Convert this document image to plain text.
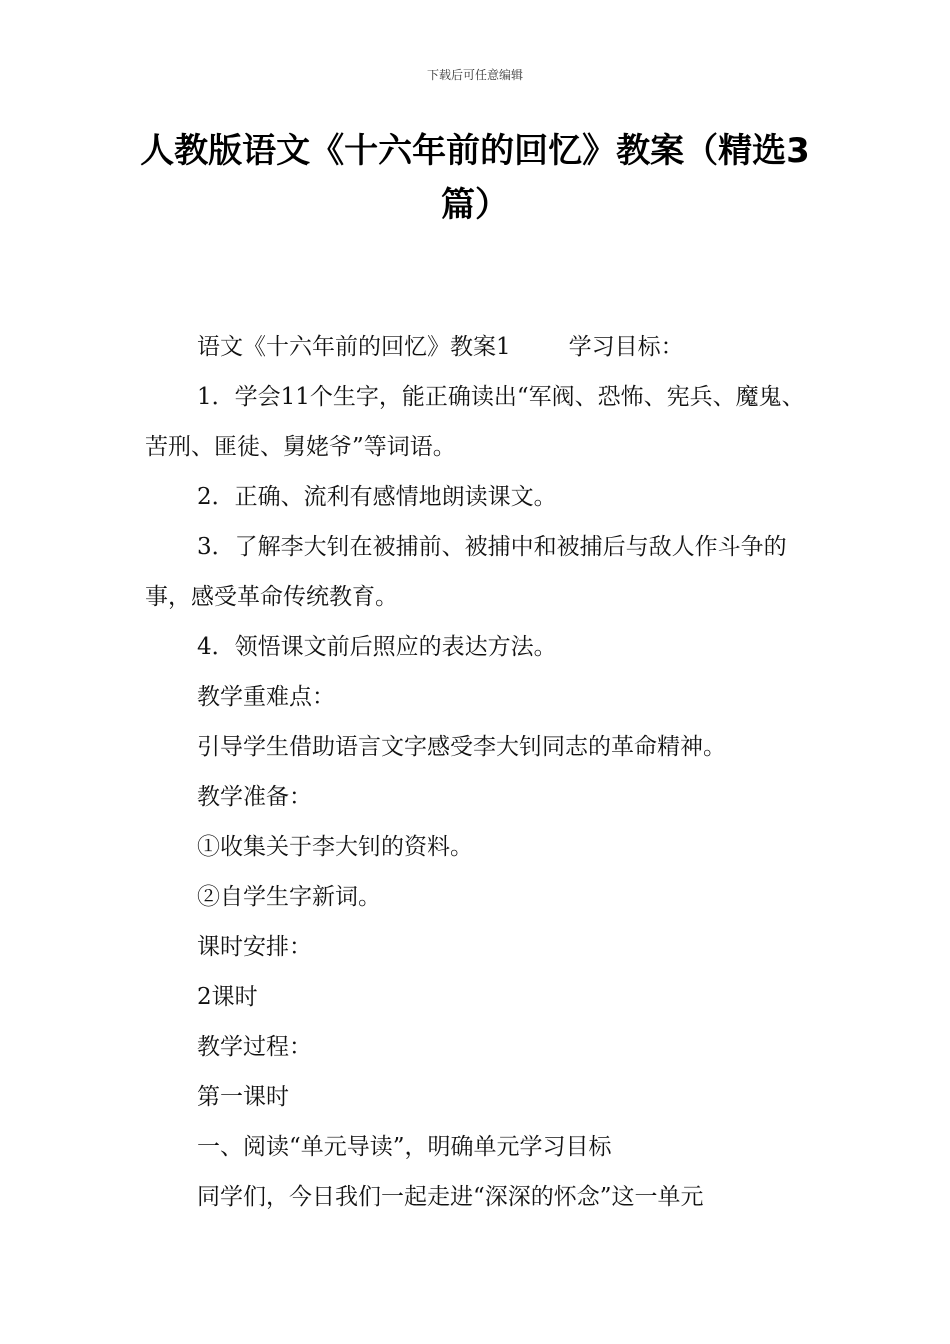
下载后可任意编辑
人教版语文《十六年前的回忆》教案（精选3篇）

语文《十六年前的回忆》教案1	学习目标：

1．学会11个生字，能正确读出“军阀、恐怖、宪兵、魔鬼、苦刑、匪徒、舅姥爷”等词语。

2．正确、流利有感情地朗读课文。

3．了解李大钊在被捕前、被捕中和被捕后与敌人作斗争的事，感受革命传统教育。

4．领悟课文前后照应的表达方法。

教学重难点：

引导学生借助语言文字感受李大钊同志的革命精神。

教学准备：

①收集关于李大钊的资料。

②自学生字新词。

课时安排：

2课时

教学过程：

第一课时

一、阅读“单元导读”，明确单元学习目标

同学们，今日我们一起走进“深深的怀念”这一单元
